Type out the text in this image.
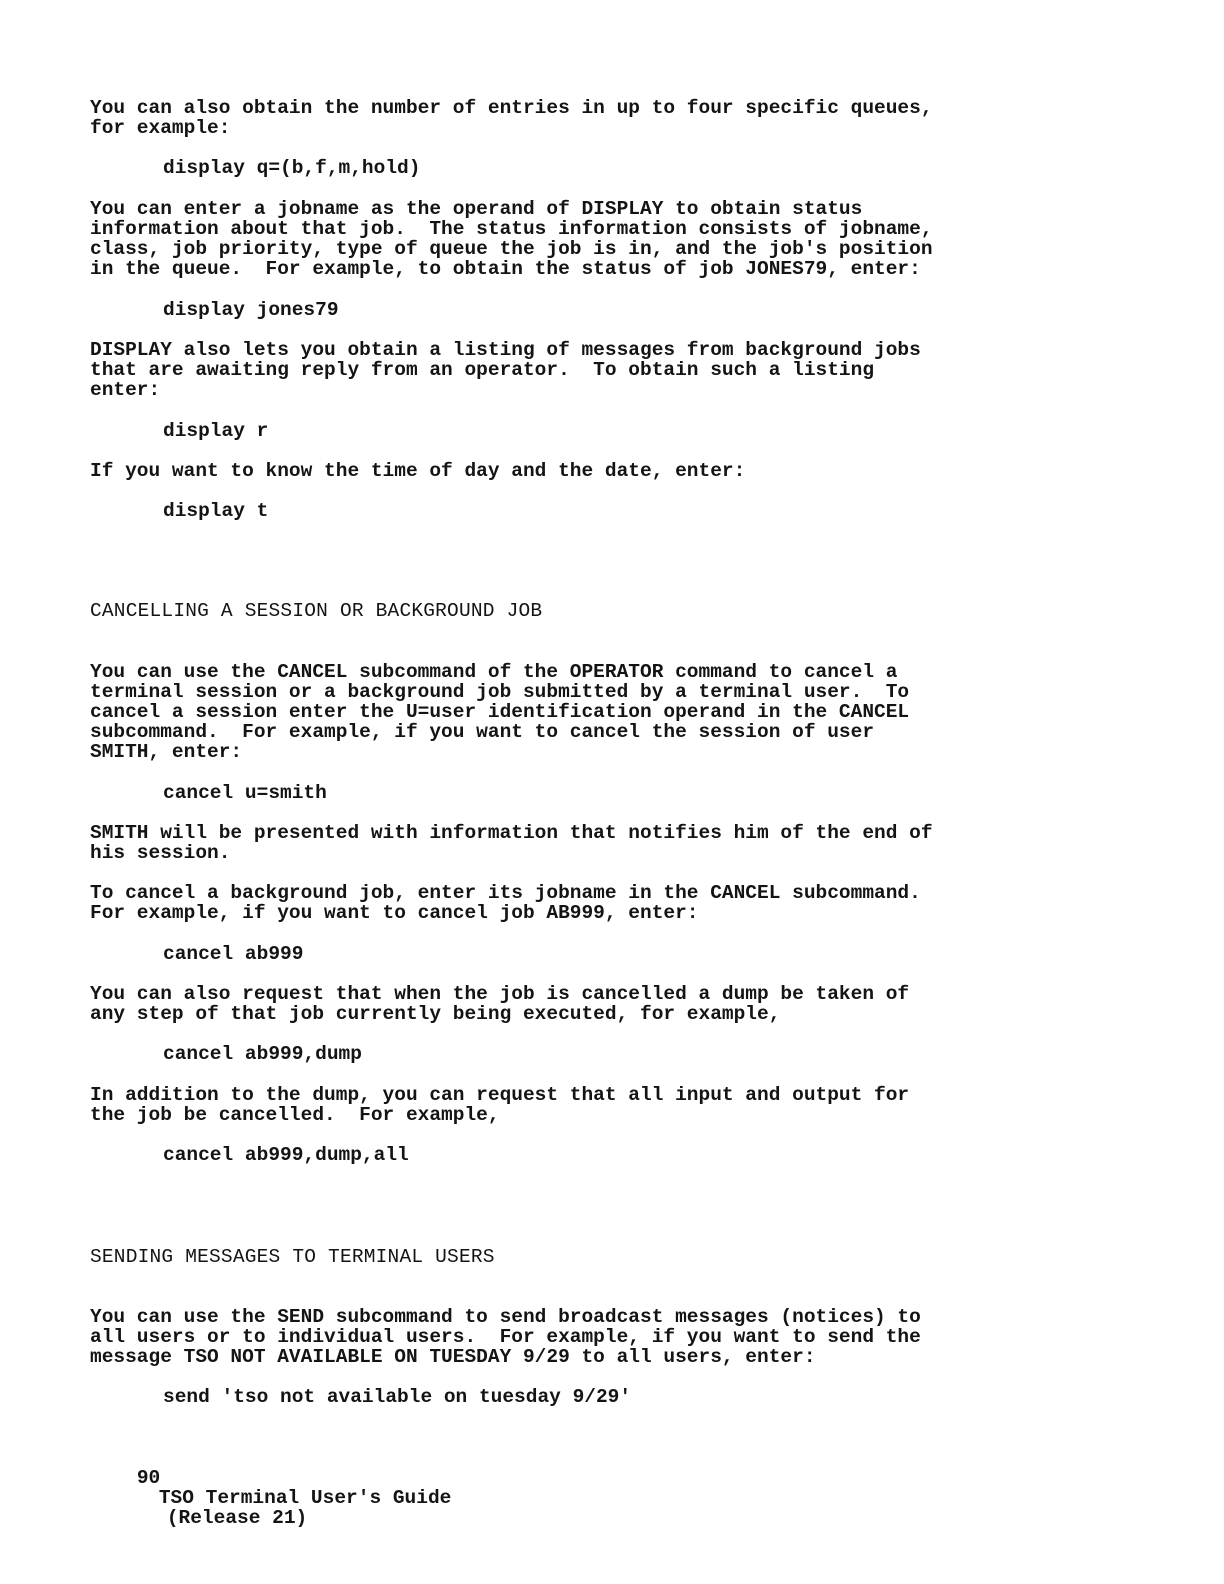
You can also obtain the number of entries in up to four specific queues,
for example:

display q=(b,f,m,hold)

You can enter a jobname as the operand of DISPLAY to obtain status
information about that job.  The status information consists of jobname,
class, job priority, type of queue the job is in, and the job's position
in the queue.  For example, to obtain the status of job JONES79, enter:

display jones79

DISPLAY also lets you obtain a listing of messages from background jobs
that are awaiting reply from an operator.  To obtain such a listing
enter:

display r

If you want to know the time of day and the date, enter:

display t

CANCELLING A SESSION OR BACKGROUND JOB

You can use the CANCEL subcommand of the OPERATOR command to cancel a
terminal session or a background job submitted by a terminal user.  To
cancel a session enter the U=user identification operand in the CANCEL
subcommand.  For example, if you want to cancel the session of user
SMITH, enter:

cancel u=smith

SMITH will be presented with information that notifies him of the end of
his session.

To cancel a background job, enter its jobname in the CANCEL subcommand.
For example, if you want to cancel job AB999, enter:

cancel ab999

You can also request that when the job is cancelled a dump be taken of
any step of that job currently being executed, for example,

cancel ab999,dump

In addition to the dump, you can request that all input and output for
the job be cancelled.  For example,

cancel ab999,dump,all

SENDING MESSAGES TO TERMINAL USERS

You can use the SEND subcommand to send broadcast messages (notices) to
all users or to individual users.  For example, if you want to send the
message TSO NOT AVAILABLE ON TUESDAY 9/29 to all users, enter:

send 'tso not available on tuesday 9/29'

90
TSO Terminal User's Guide
(Release 21)
